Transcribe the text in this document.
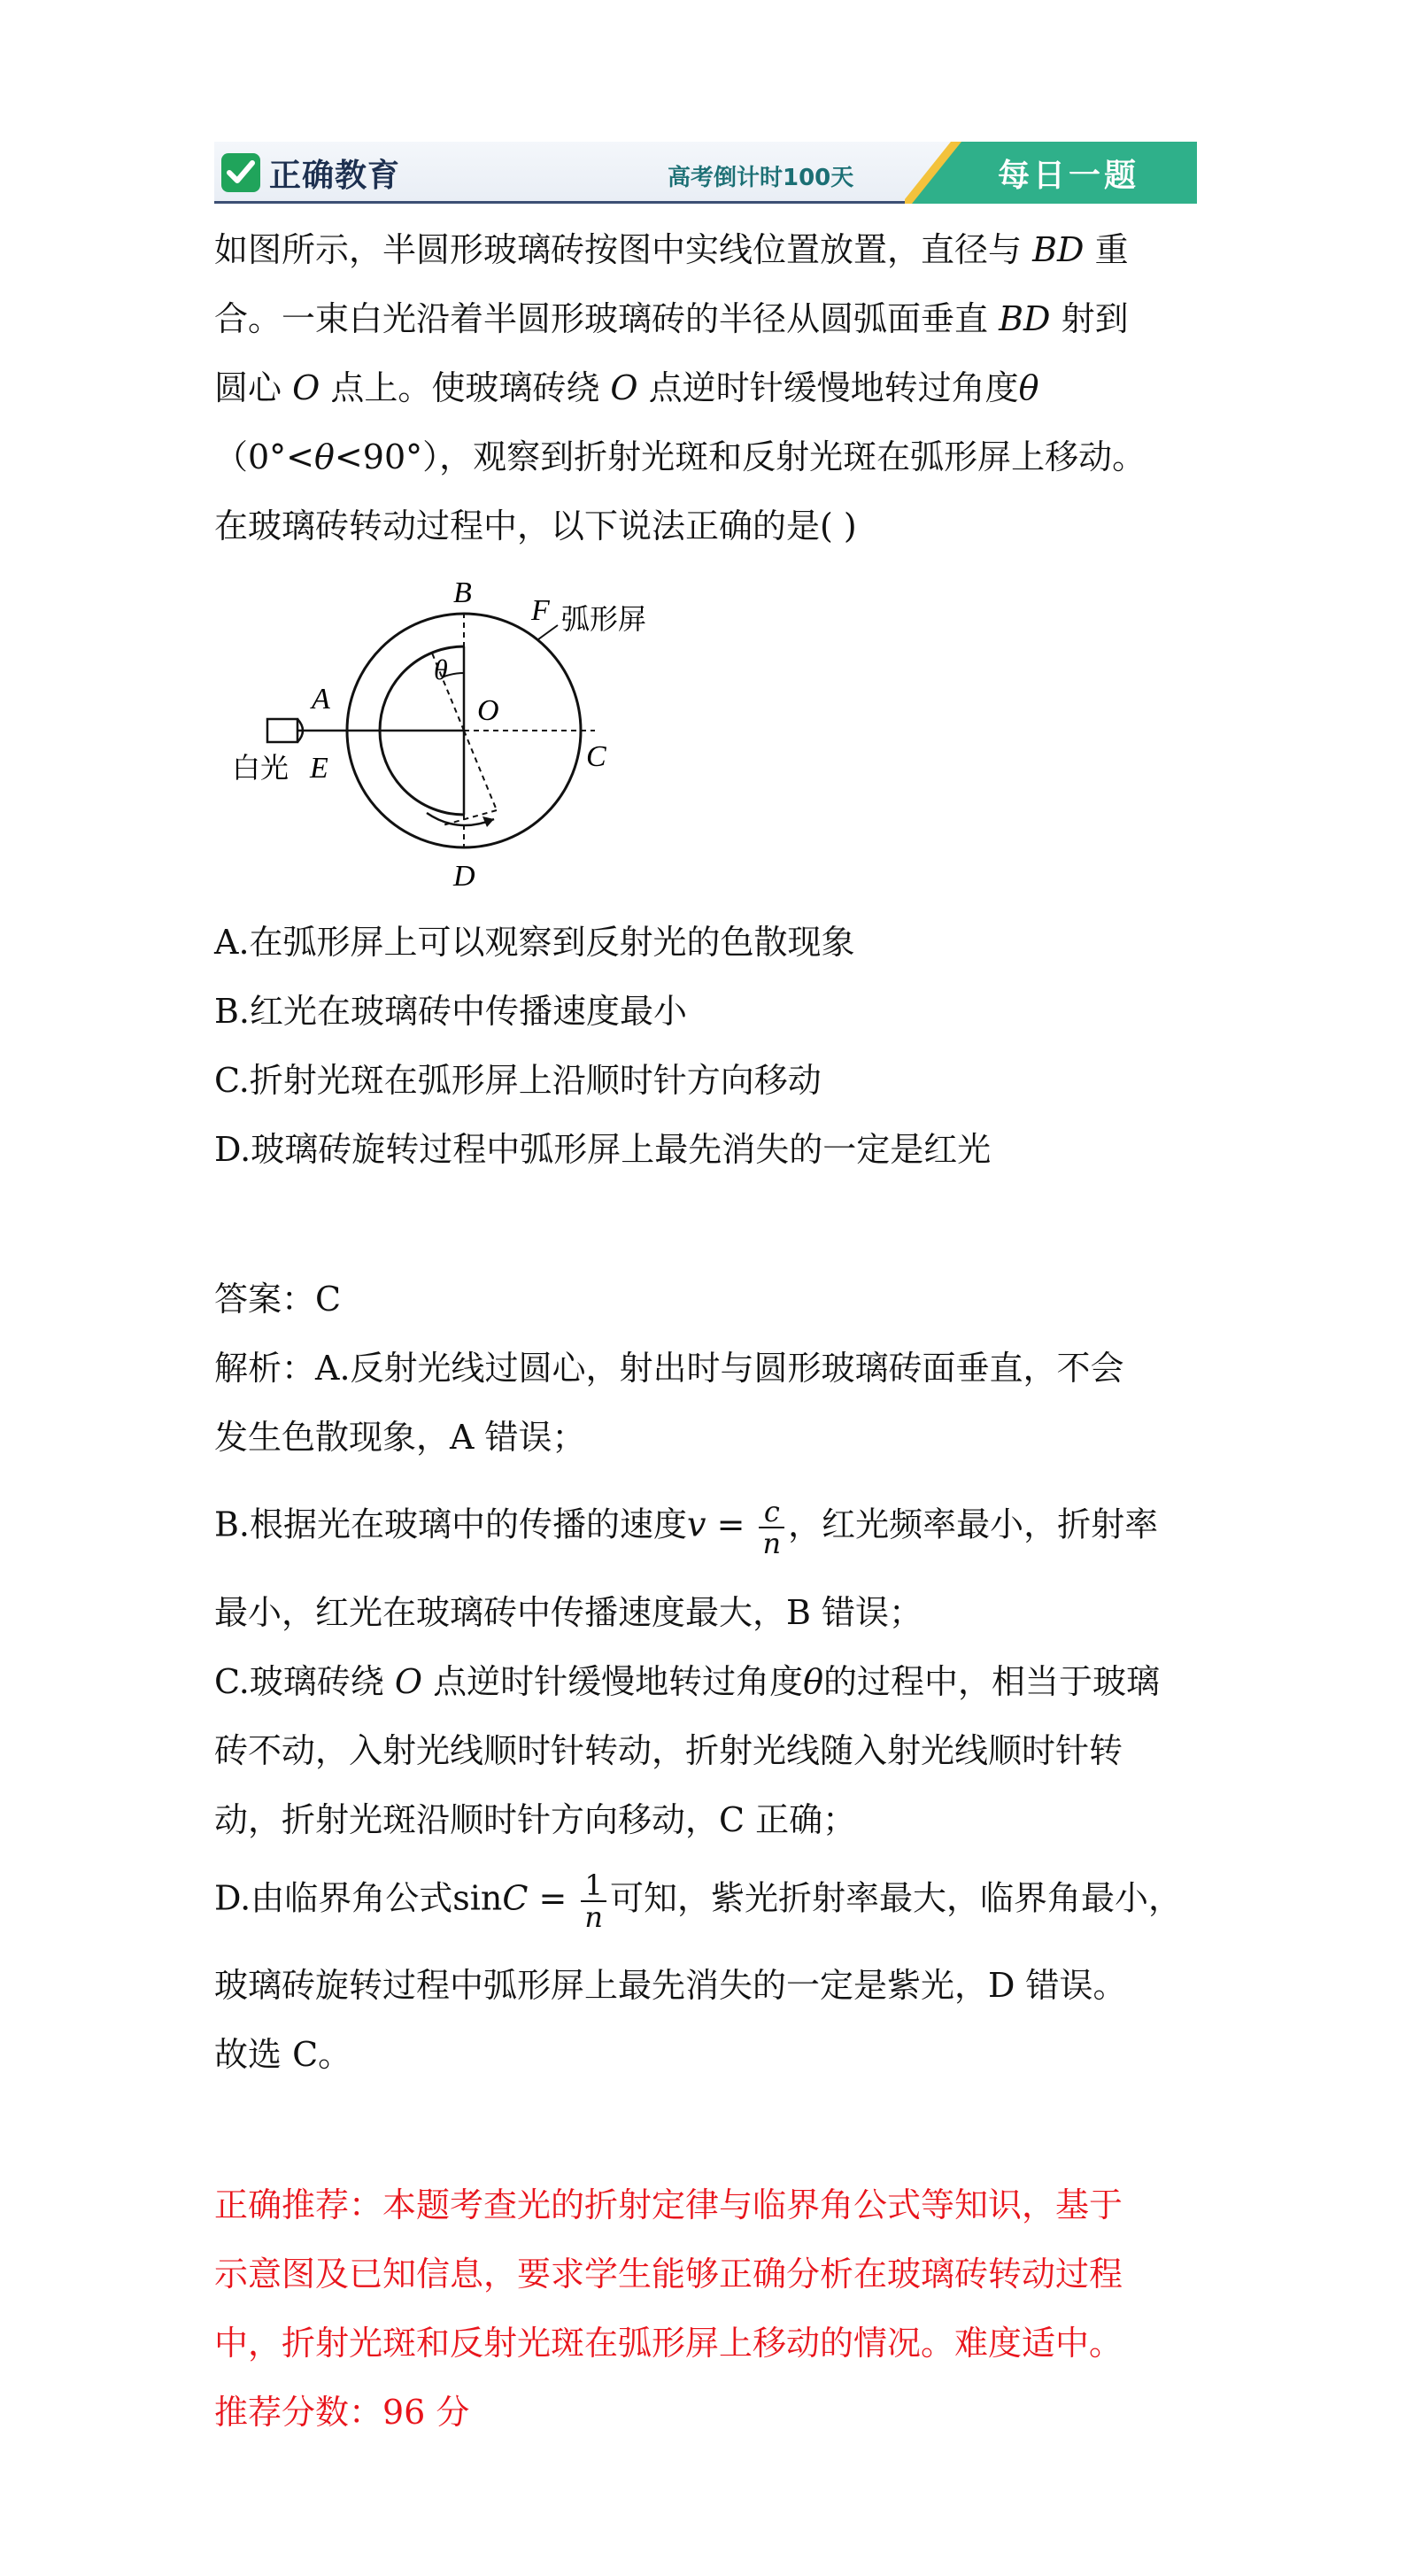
正确教育	高考倒计时100天	每日一题
如图所示，半圆形玻璃砖按图中实线位置放置，直径与 BD 重
合。一束白光沿着半圆形玻璃砖的半径从圆弧面垂直 BD 射到
圆心 O 点上。使玻璃砖绕 O 点逆时针缓慢地转过角度θ
（0°<θ<90°），观察到折射光斑和反射光斑在弧形屏上移动。
在玻璃砖转动过程中，以下说法正确的是( )
B
F 弧形屏
θ
A	O
C
白光 E
D
A.在弧形屏上可以观察到反射光的色散现象
B.红光在玻璃砖中传播速度最小
C.折射光斑在弧形屏上沿顺时针方向移动
D.玻璃砖旋转过程中弧形屏上最先消失的一定是红光
答案：C
解析：A.反射光线过圆心，射出时与圆形玻璃砖面垂直，不会
发生色散现象，A 错误；
B.根据光在玻璃中的传播的速度$v = \frac{c}{n}$ ，红光频率最小，折射率
最小，红光在玻璃砖中传播速度最大，B 错误；
C.玻璃砖绕 O 点逆时针缓慢地转过角度θ的过程中，相当于玻璃
砖不动，入射光线顺时针转动，折射光线随入射光线顺时针转
动，折射光斑沿顺时针方向移动，C 正确；
D.由临界角公式$\sin C = \frac{1}{n}$ 可知，紫光折射率最大，临界角最小，
玻璃砖旋转过程中弧形屏上最先消失的一定是紫光，D 错误。
故选 C。
正确推荐：本题考查光的折射定律与临界角公式等知识，基于
示意图及已知信息，要求学生能够正确分析在玻璃砖转动过程
中，折射光斑和反射光斑在弧形屏上移动的情况。难度适中。
推荐分数：96 分
